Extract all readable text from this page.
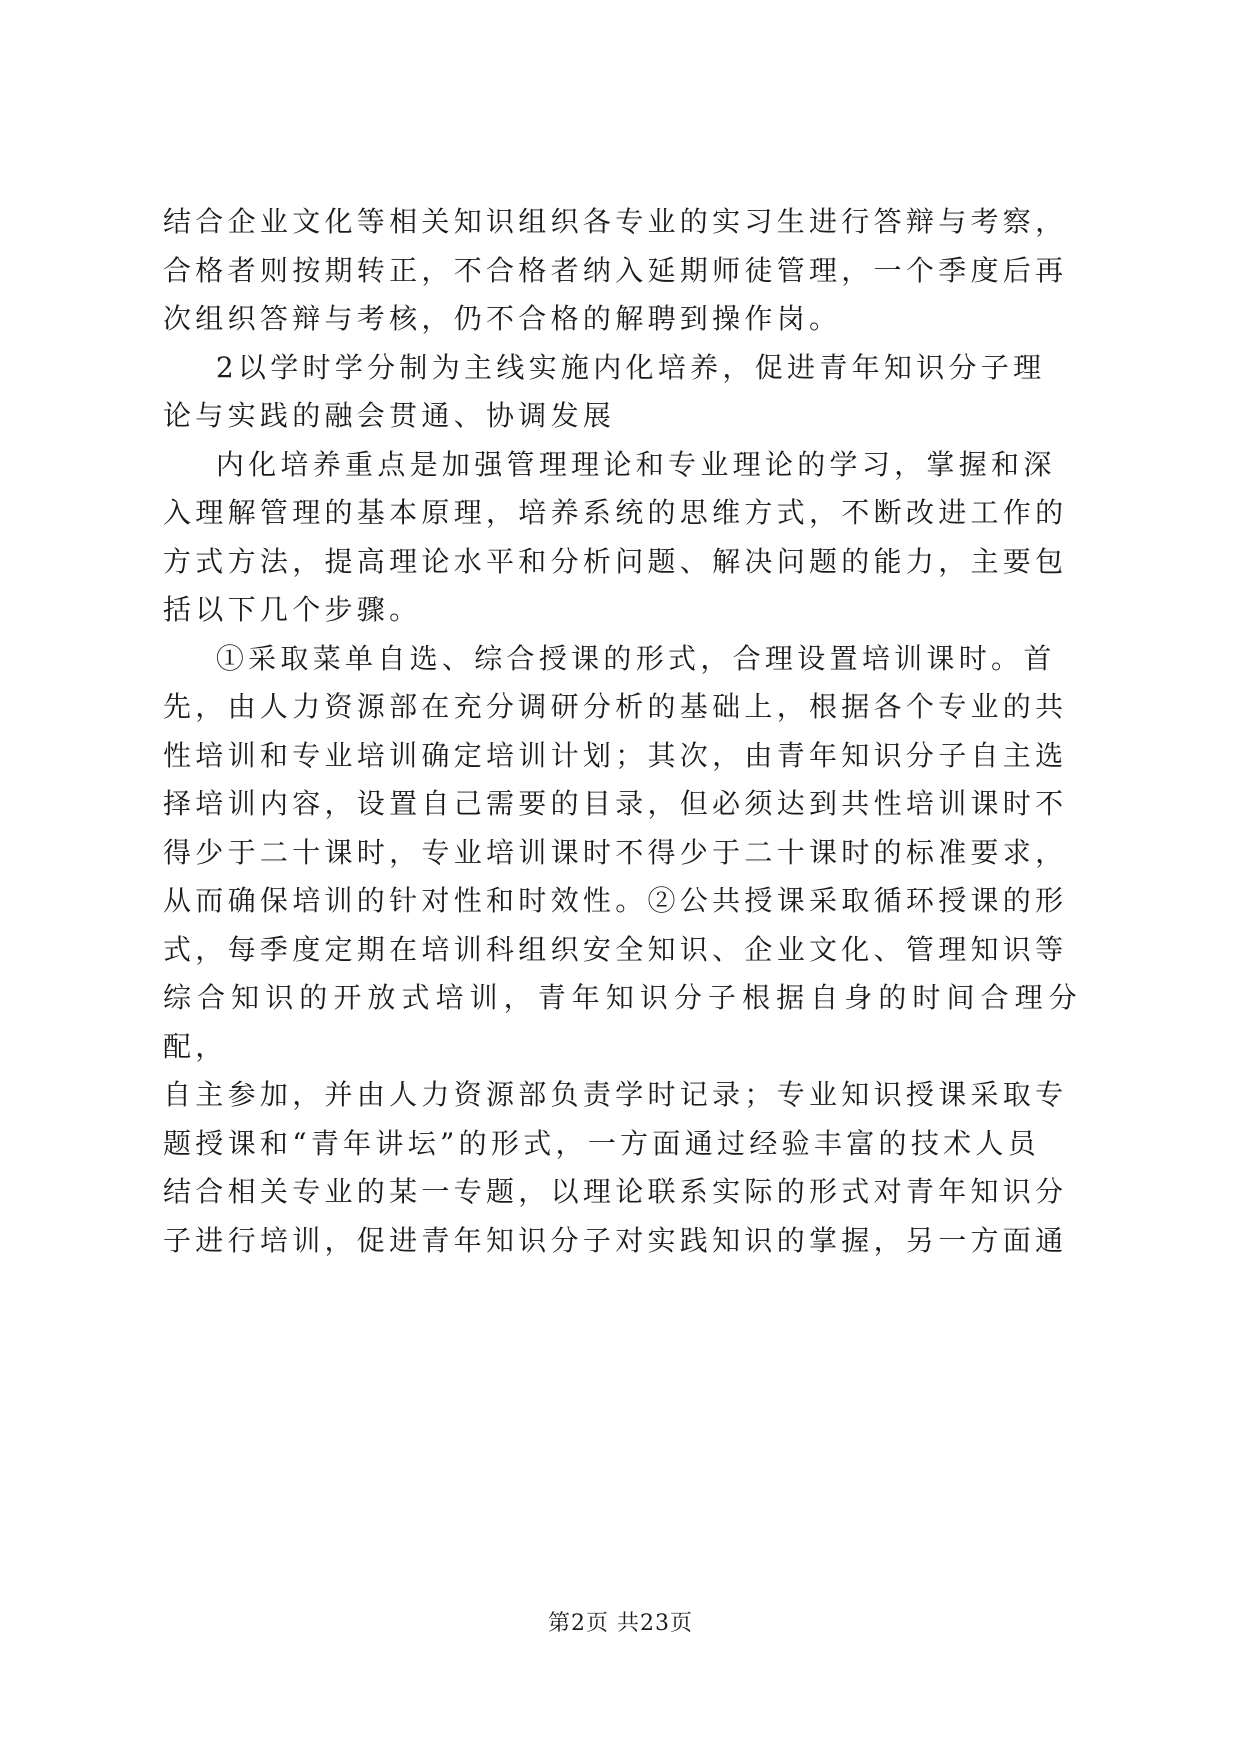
结合企业文化等相关知识组织各专业的实习生进行答辩与考察，

合格者则按期转正，不合格者纳入延期师徒管理，一个季度后再

次组织答辩与考核，仍不合格的解聘到操作岗。

2以学时学分制为主线实施内化培养，促进青年知识分子理

论与实践的融会贯通、协调发展

内化培养重点是加强管理理论和专业理论的学习，掌握和深

入理解管理的基本原理，培养系统的思维方式，不断改进工作的

方式方法，提高理论水平和分析问题、解决问题的能力，主要包

括以下几个步骤。

①采取菜单自选、综合授课的形式，合理设置培训课时。首

先，由人力资源部在充分调研分析的基础上，根据各个专业的共

性培训和专业培训确定培训计划；其次，由青年知识分子自主选

择培训内容，设置自己需要的目录，但必须达到共性培训课时不

得少于二十课时，专业培训课时不得少于二十课时的标准要求，

从而确保培训的针对性和时效性。②公共授课采取循环授课的形

式，每季度定期在培训科组织安全知识、企业文化、管理知识等

综合知识的开放式培训，青年知识分子根据自身的时间合理分配，

自主参加，并由人力资源部负责学时记录；专业知识授课采取专

题授课和“青年讲坛”的形式，一方面通过经验丰富的技术人员

结合相关专业的某一专题，以理论联系实际的形式对青年知识分

子进行培训，促进青年知识分子对实践知识的掌握，另一方面通

第2页 共23页
